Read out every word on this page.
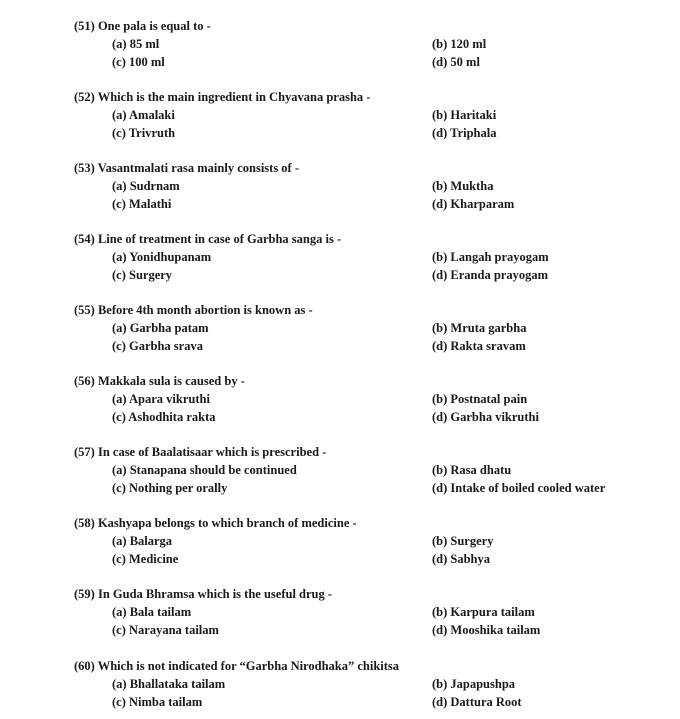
(51) One pala is equal to -
(a) 85 ml	(b) 120 ml
(c) 100 ml	(d) 50 ml
(52) Which is the main ingredient in Chyavana prasha -
(a) Amalaki	(b) Haritaki
(c) Trivruth	(d) Triphala
(53) Vasantmalati rasa mainly consists of -
(a) Sudrnam	(b) Muktha
(c) Malathi	(d) Kharparam
(54) Line of treatment in case of Garbha sanga is -
(a) Yonidhupanam	(b) Langah prayogam
(c) Surgery	(d) Eranda prayogam
(55) Before 4th month abortion is known as -
(a) Garbha patam	(b) Mruta garbha
(c) Garbha srava	(d) Rakta sravam
(56) Makkala sula is caused by -
(a) Apara vikruthi	(b) Postnatal pain
(c) Ashodhita rakta	(d) Garbha vikruthi
(57) In case of Baalatisaar which is prescribed -
(a) Stanapana should be continued	(b) Rasa dhatu
(c) Nothing per orally	(d) Intake of boiled cooled water
(58) Kashyapa belongs to which branch of medicine -
(a) Balarga	(b) Surgery
(c) Medicine	(d) Sabhya
(59) In Guda Bhramsa which is the useful drug -
(a) Bala tailam	(b) Karpura tailam
(c) Narayana tailam	(d) Mooshika tailam
(60) Which is not indicated for “Garbha Nirodhaka” chikitsa
(a) Bhallataka tailam	(b) Japapushpa
(c) Nimba tailam	(d) Dattura Root
